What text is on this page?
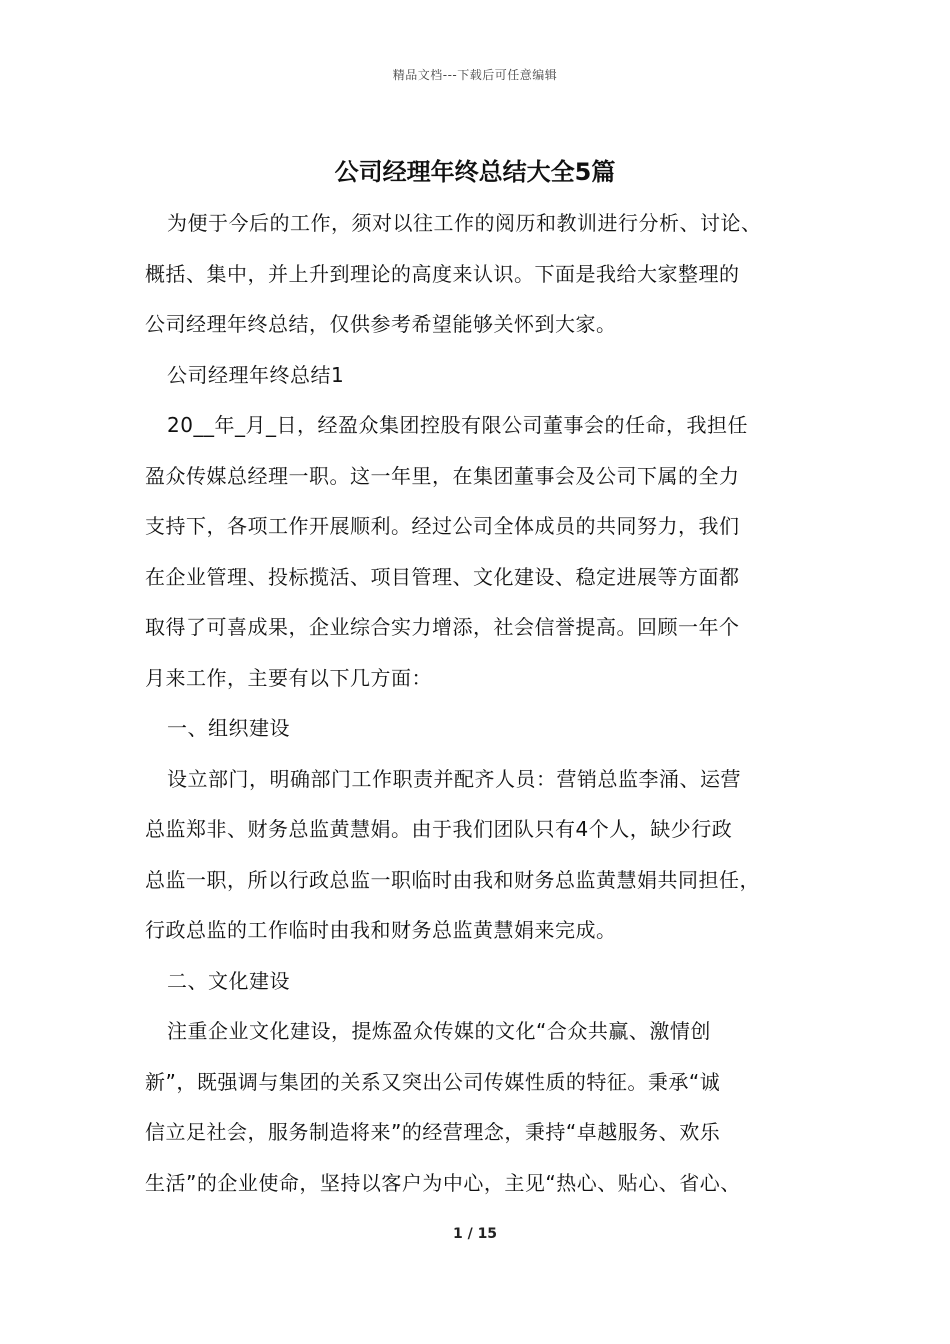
精品文档---下载后可任意编辑
公司经理年终总结大全5篇

为便于今后的工作，须对以往工作的阅历和教训进行分析、讨论、

概括、集中，并上升到理论的高度来认识。下面是我给大家整理的

公司经理年终总结，仅供参考希望能够关怀到大家。

公司经理年终总结1

20__年_月_日，经盈众集团控股有限公司董事会的任命，我担任

盈众传媒总经理一职。这一年里，在集团董事会及公司下属的全力

支持下，各项工作开展顺利。经过公司全体成员的共同努力，我们

在企业管理、投标揽活、项目管理、文化建设、稳定进展等方面都

取得了可喜成果，企业综合实力增添，社会信誉提高。回顾一年个

月来工作，主要有以下几方面：

一、组织建设

设立部门，明确部门工作职责并配齐人员：营销总监李涌、运营

总监郑非、财务总监黄慧娟。由于我们团队只有4个人，缺少行政

总监一职，所以行政总监一职临时由我和财务总监黄慧娟共同担任，

行政总监的工作临时由我和财务总监黄慧娟来完成。

二、文化建设

注重企业文化建设，提炼盈众传媒的文化“合众共赢、激情创

新”，既强调与集团的关系又突出公司传媒性质的特征。秉承“诚

信立足社会，服务制造将来”的经营理念，秉持“卓越服务、欢乐

生活”的企业使命，坚持以客户为中心，主见“热心、贴心、省心、

1 / 15
